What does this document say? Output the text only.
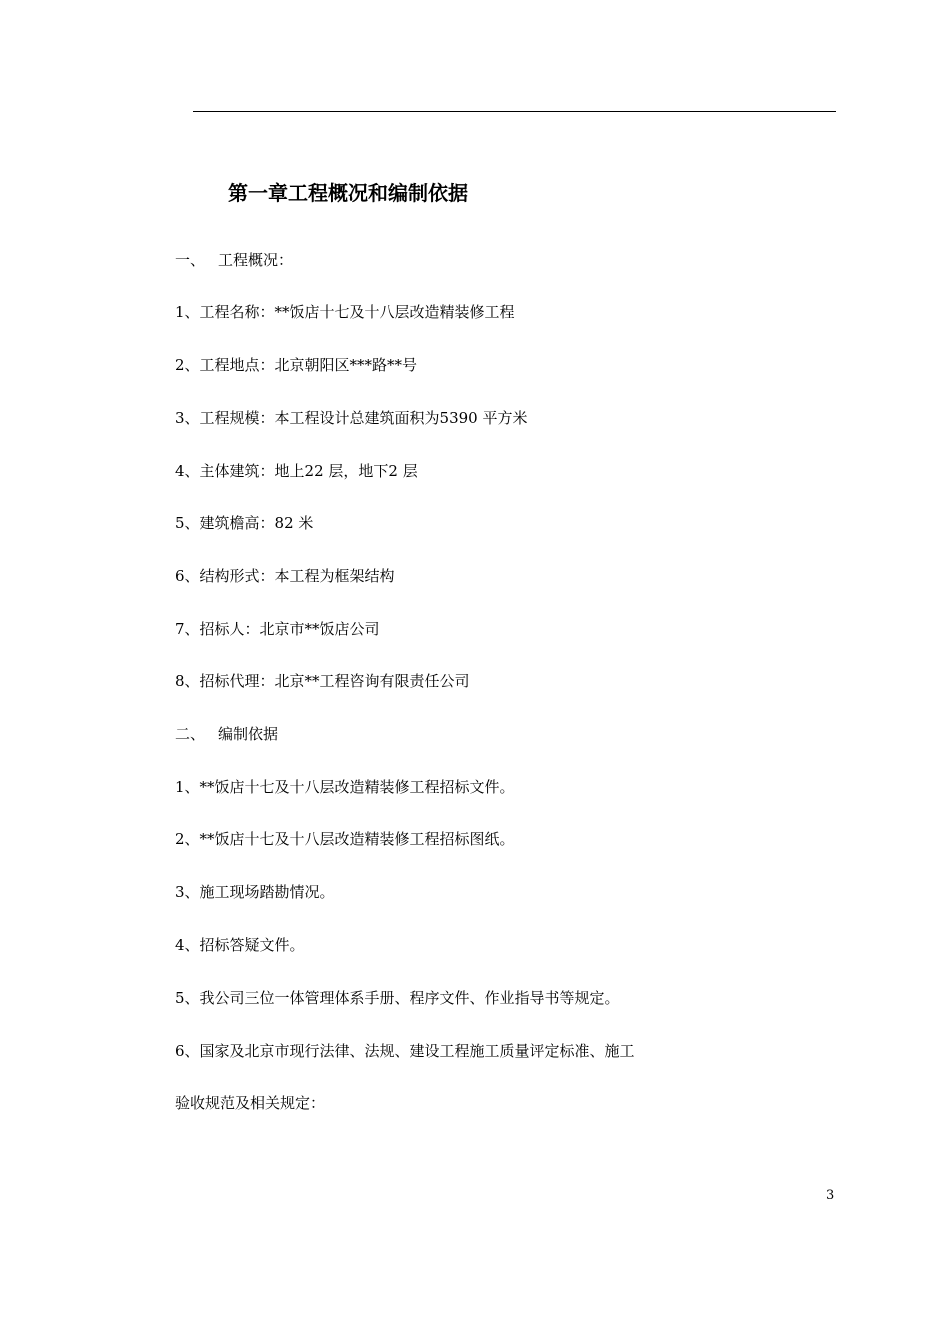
第一章工程概况和编制依据
一、 工程概况：
1、工程名称：**饭店十七及十八层改造精装修工程
2、工程地点：北京朝阳区***路**号
3、工程规模：本工程设计总建筑面积为5390 平方米
4、主体建筑：地上22 层，地下2 层
5、建筑檐高：82 米
6、结构形式：本工程为框架结构
7、招标人：北京市**饭店公司
8、招标代理：北京**工程咨询有限责任公司
二、 编制依据
1、**饭店十七及十八层改造精装修工程招标文件。
2、**饭店十七及十八层改造精装修工程招标图纸。
3、施工现场踏勘情况。
4、招标答疑文件。
5、我公司三位一体管理体系手册、程序文件、作业指导书等规定。
6、国家及北京市现行法律、法规、建设工程施工质量评定标准、施工
验收规范及相关规定：
3
